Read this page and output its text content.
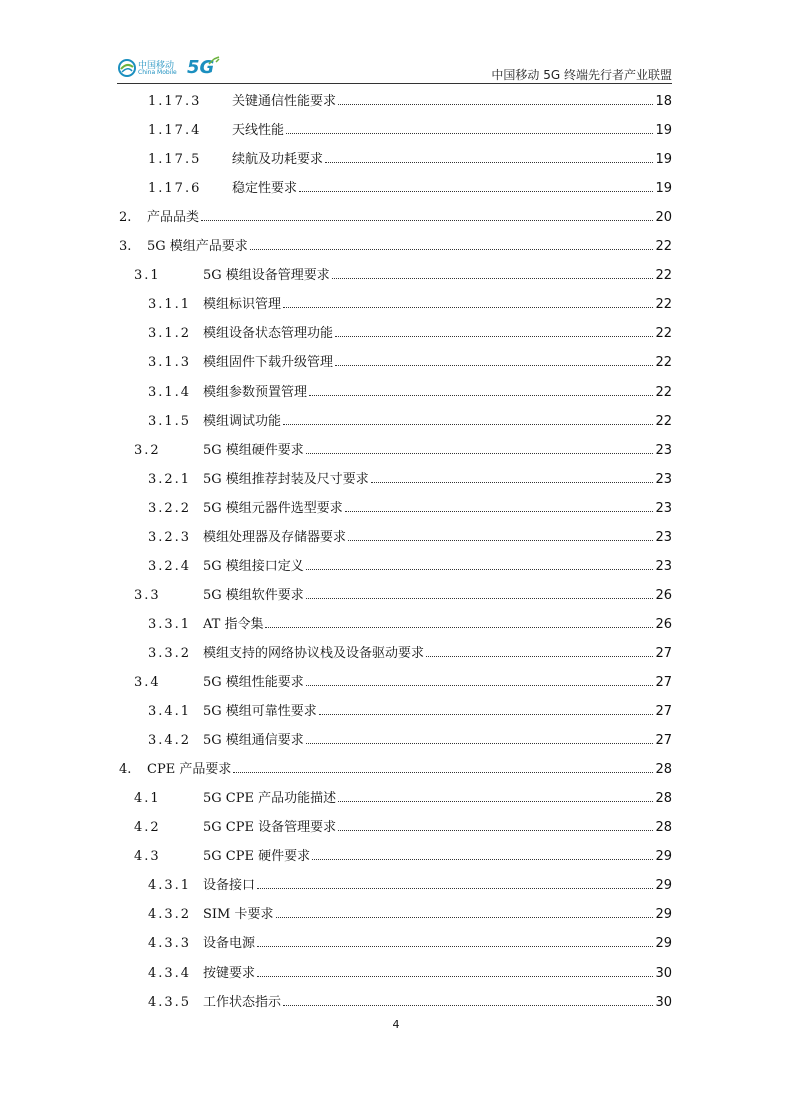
中国移动
China Mobile 5G	中国移动 5G 终端先行者产业联盟
1.17.3 关键通信性能要求	18
1.17.4 天线性能	19
1.17.5 续航及功耗要求	19
1.17.6 稳定性要求	19
2. 产品品类	20
3. 5G 模组产品要求	22
3.1	5G 模组设备管理要求	22
3.1.1 模组标识管理	22
3.1.2 模组设备状态管理功能	22
3.1.3 模组固件下载升级管理	22
3.1.4 模组参数预置管理	22
3.1.5 模组调试功能	22
3.2	5G 模组硬件要求	23
3.2.1 5G 模组推荐封装及尺寸要求	23
3.2.2 5G 模组元器件选型要求	23
3.2.3 模组处理器及存储器要求	23
3.2.4 5G 模组接口定义	23
3.3	5G 模组软件要求	26
3.3.1 AT 指令集	26
3.3.2 模组支持的网络协议栈及设备驱动要求	27
3.4	5G 模组性能要求	27
3.4.1 5G 模组可靠性要求	27
3.4.2 5G 模组通信要求	27
4. CPE 产品要求	28
4.1	5G CPE 产品功能描述	28
4.2	5G CPE 设备管理要求	28
4.3	5G CPE 硬件要求	29
4.3.1 设备接口	29
4.3.2 SIM 卡要求	29
4.3.3 设备电源	29
4.3.4 按键要求	30
4.3.5 工作状态指示	30
4
